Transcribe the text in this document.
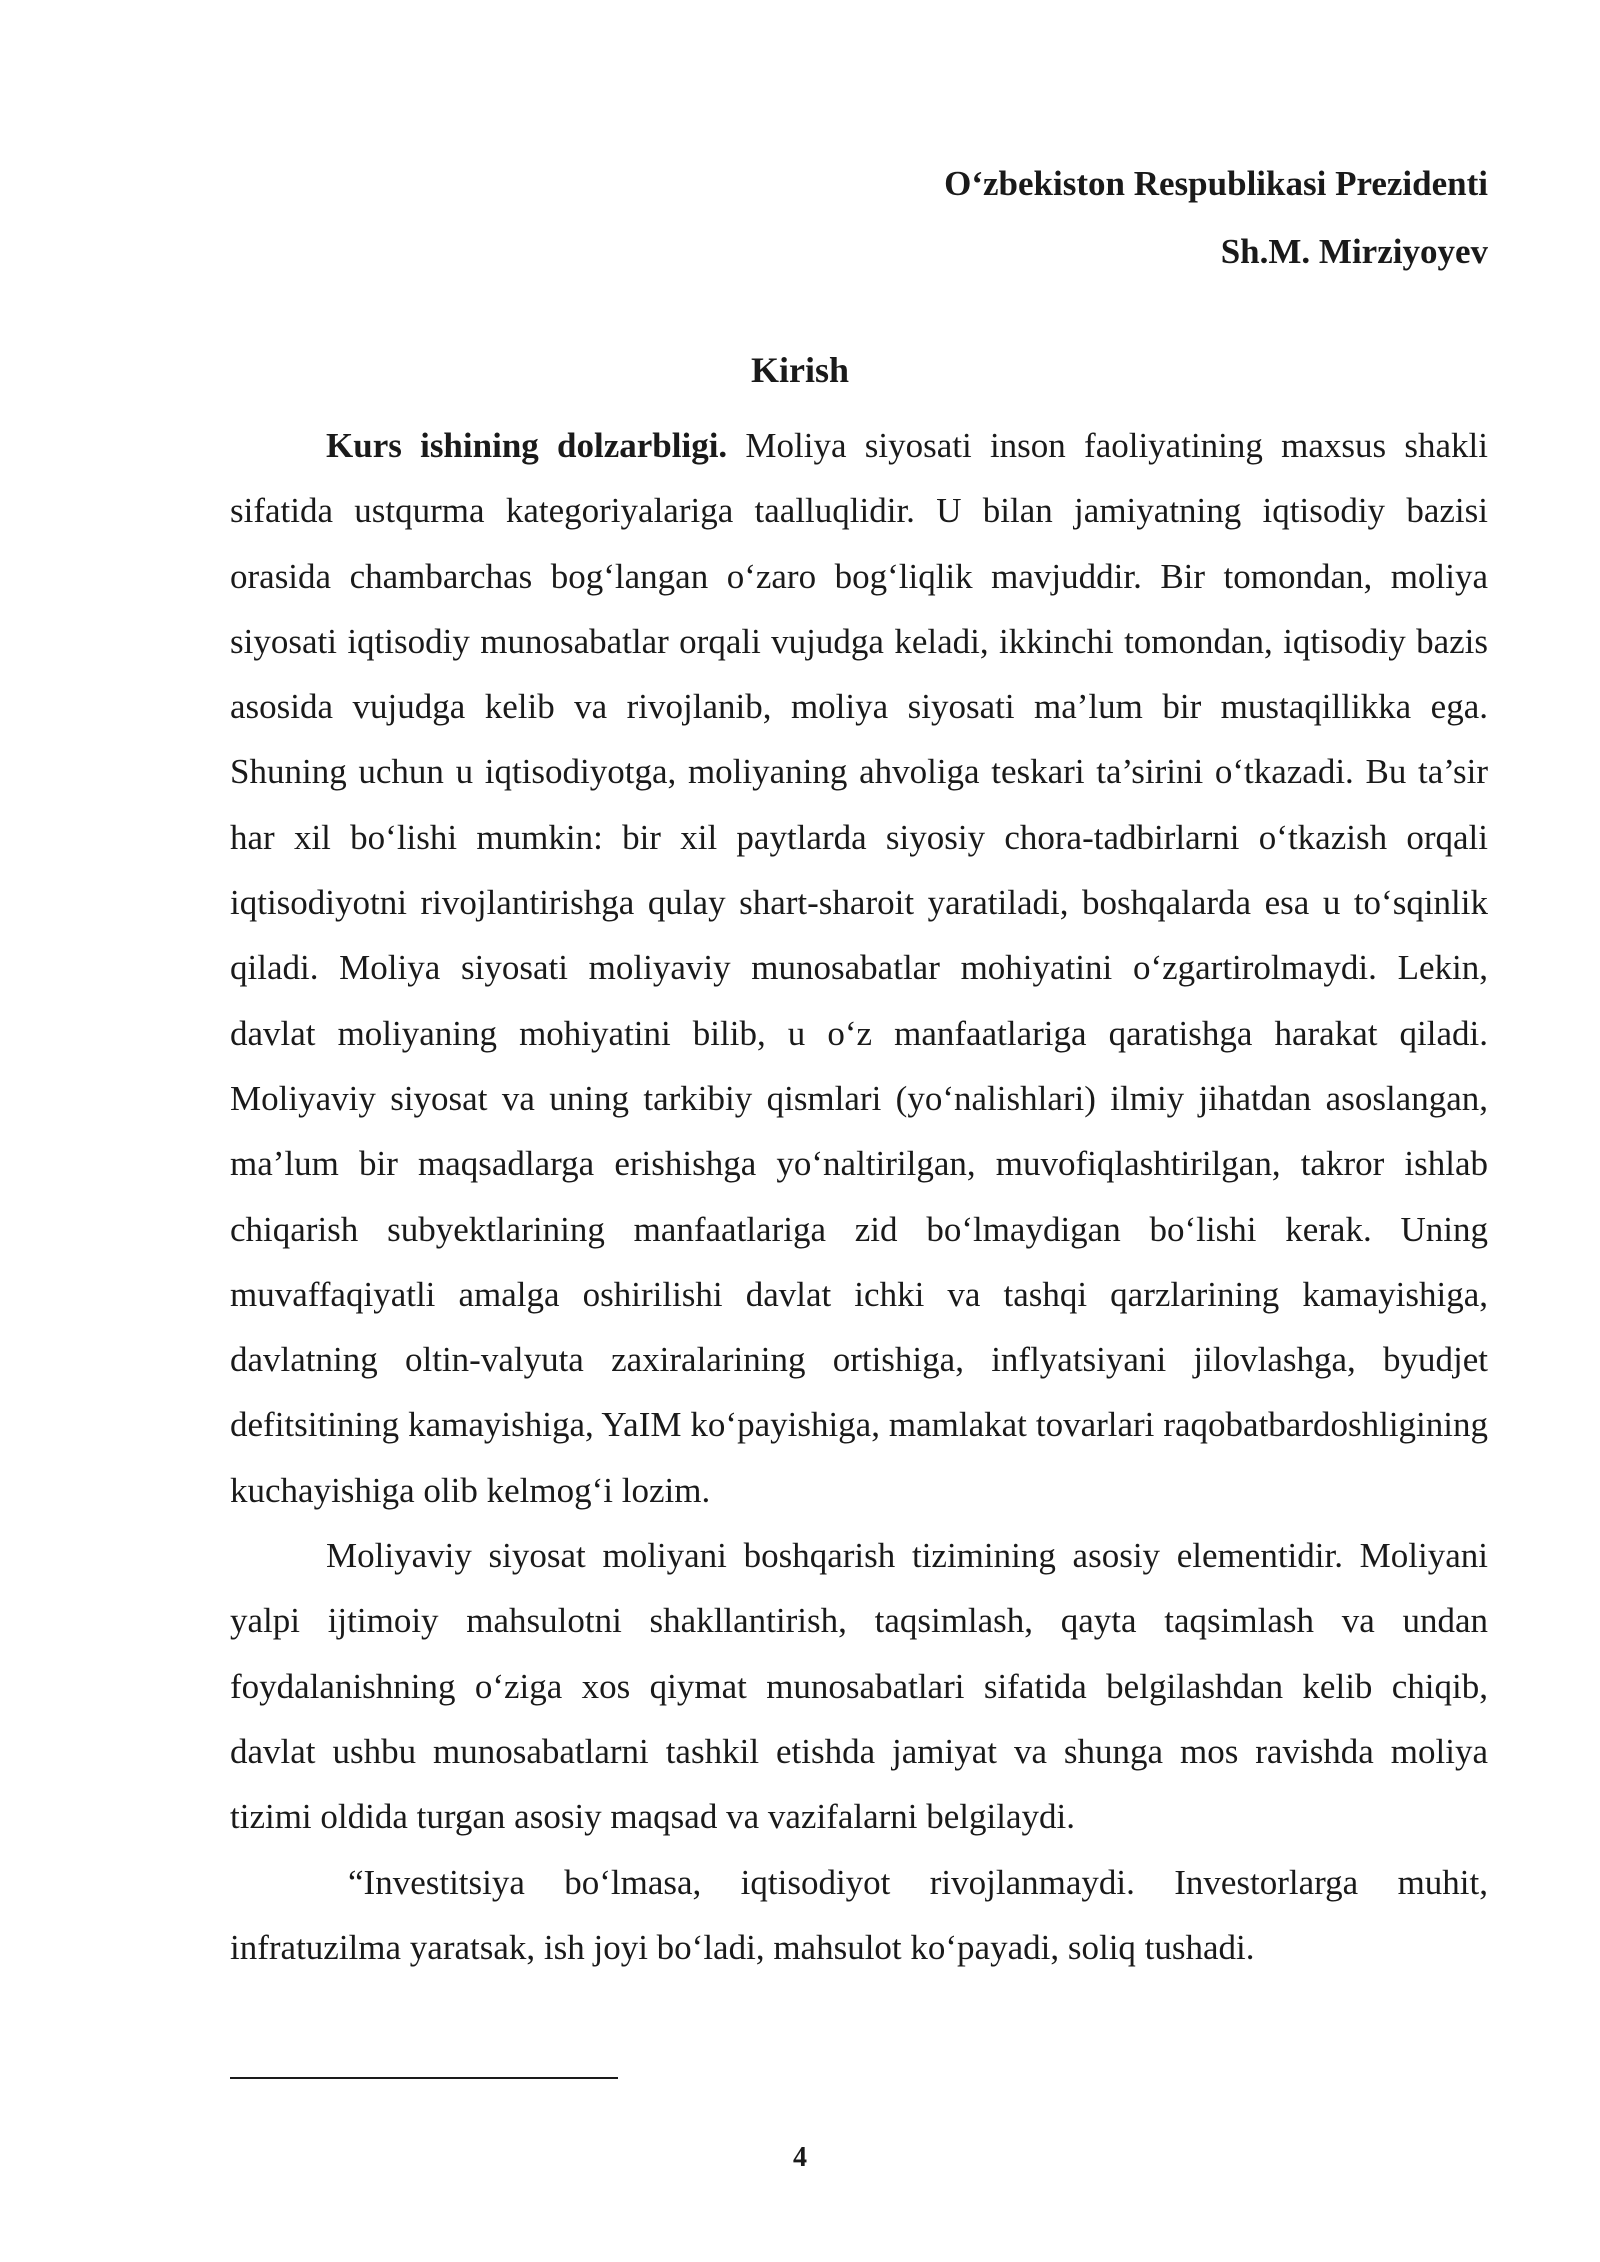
O‘zbekiston Respublikasi Prezidenti
Sh.M. Mirziyoyev
Kirish

Kurs ishining dolzarbligi. Moliya siyosati inson faoliyatining maxsus shakli sifatida ustqurma kategoriyalariga taalluqlidir. U bilan jamiyatning iqtisodiy bazisi orasida chambarchas bog‘langan o‘zaro bog‘liqlik mavjuddir. Bir tomondan, moliya siyosati iqtisodiy munosabatlar orqali vujudga keladi, ikkinchi tomondan, iqtisodiy bazis asosida vujudga kelib va rivojlanib, moliya siyosati ma’lum bir mustaqillikka ega. Shuning uchun u iqtisodiyotga, moliyaning ahvoliga teskari ta’sirini o‘tkazadi. Bu ta’sir har xil bo‘lishi mumkin: bir xil paytlarda siyosiy chora-tadbirlarni o‘tkazish orqali iqtisodiyotni rivojlantirishga qulay shart-sharoit yaratiladi, boshqalarda esa u to‘sqinlik qiladi. Moliya siyosati moliyaviy munosabatlar mohiyatini o‘zgartirolmaydi. Lekin, davlat moliyaning mohiyatini bilib, u o‘z manfaatlariga qaratishga harakat qiladi. Moliyaviy siyosat va uning tarkibiy qismlari (yo‘nalishlari) ilmiy jihatdan asoslangan, ma’lum bir maqsadlarga erishishga yo‘naltirilgan, muvofiqlashtirilgan, takror ishlab chiqarish subyektlarining manfaatlariga zid bo‘lmaydigan bo‘lishi kerak. Uning muvaffaqiyatli amalga oshirilishi davlat ichki va tashqi qarzlarining kamayishiga, davlatning oltin-valyuta zaxiralarining ortishiga, inflyatsiyani jilovlashga, byudjet defitsitining kamayishiga, YaIM ko‘payishiga, mamlakat tovarlari raqobatbardoshligining kuchayishiga olib kelmog‘i lozim.

Moliyaviy siyosat moliyani boshqarish tizimining asosiy elementidir. Moliyani yalpi ijtimoiy mahsulotni shakllantirish, taqsimlash, qayta taqsimlash va undan foydalanishning o‘ziga xos qiymat munosabatlari sifatida belgilashdan kelib chiqib, davlat ushbu munosabatlarni tashkil etishda jamiyat va shunga mos ravishda moliya tizimi oldida turgan asosiy maqsad va vazifalarni belgilaydi.

“Investitsiya bo‘lmasa, iqtisodiyot rivojlanmaydi. Investorlarga muhit, infratuzilma yaratsak, ish joyi bo‘ladi, mahsulot ko‘payadi, soliq tushadi.

4
